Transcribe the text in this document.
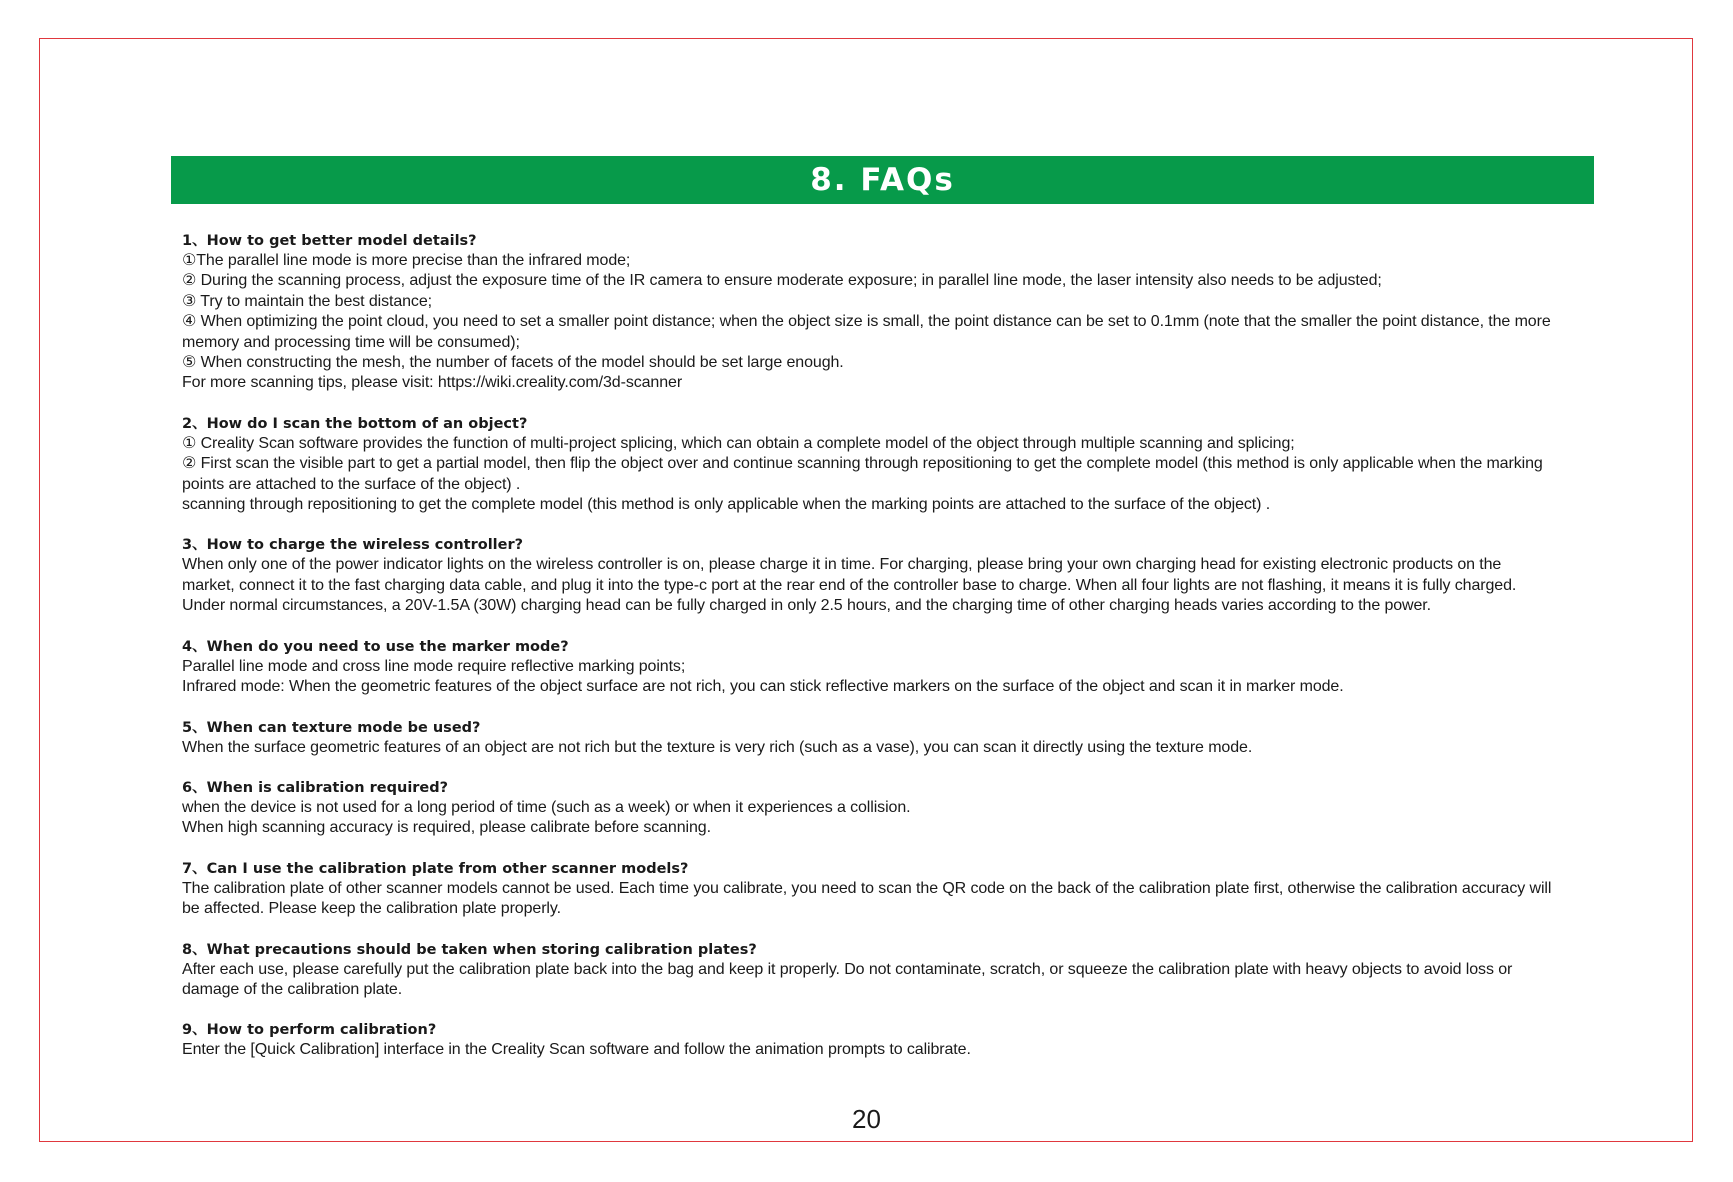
8. FAQs

1、How to get better model details?

①The parallel line mode is more precise than the infrared mode;

② During the scanning process, adjust the exposure time of the IR camera to ensure moderate exposure; in parallel line mode, the laser intensity also needs to be adjusted;

③ Try to maintain the best distance;

④ When optimizing the point cloud, you need to set a smaller point distance; when the object size is small, the point distance can be set to 0.1mm (note that the smaller the point distance, the more memory and processing time will be consumed);

⑤ When constructing the mesh, the number of facets of the model should be set large enough.

For more scanning tips, please visit: https://wiki.creality.com/3d-scanner

2、How do I scan the bottom of an object?

① Creality Scan software provides the function of multi-project splicing, which can obtain a complete model of the object through multiple scanning and splicing;

② First scan the visible part to get a partial model, then flip the object over and continue scanning through repositioning to get the complete model (this method is only applicable when the marking points are attached to the surface of the object) .

scanning through repositioning to get the complete model (this method is only applicable when the marking points are attached to the surface of the object) .

3、How to charge the wireless controller?

When only one of the power indicator lights on the wireless controller is on, please charge it in time. For charging, please bring your own charging head for existing electronic products on the market, connect it to the fast charging data cable, and plug it into the type-c port at the rear end of the controller base to charge. When all four lights are not flashing, it means it is fully charged. Under normal circumstances, a 20V-1.5A (30W) charging head can be fully charged in only 2.5 hours, and the charging time of other charging heads varies according to the power.

4、When do you need to use the marker mode?

Parallel line mode and cross line mode require reflective marking points;

Infrared mode: When the geometric features of the object surface are not rich, you can stick reflective markers on the surface of the object and scan it in marker mode.

5、When can texture mode be used?

When the surface geometric features of an object are not rich but the texture is very rich (such as a vase), you can scan it directly using the texture mode.

6、When is calibration required?

when the device is not used for a long period of time (such as a week) or when it experiences a collision.

When high scanning accuracy is required, please calibrate before scanning.

7、Can I use the calibration plate from other scanner models?

The calibration plate of other scanner models cannot be used. Each time you calibrate, you need to scan the QR code on the back of the calibration plate first, otherwise the calibration accuracy will be affected. Please keep the calibration plate properly.

8、What precautions should be taken when storing calibration plates?

After each use, please carefully put the calibration plate back into the bag and keep it properly. Do not contaminate, scratch, or squeeze the calibration plate with heavy objects to avoid loss or damage of the calibration plate.

9、How to perform calibration?

Enter the [Quick Calibration] interface in the Creality Scan software and follow the animation prompts to calibrate.

20
